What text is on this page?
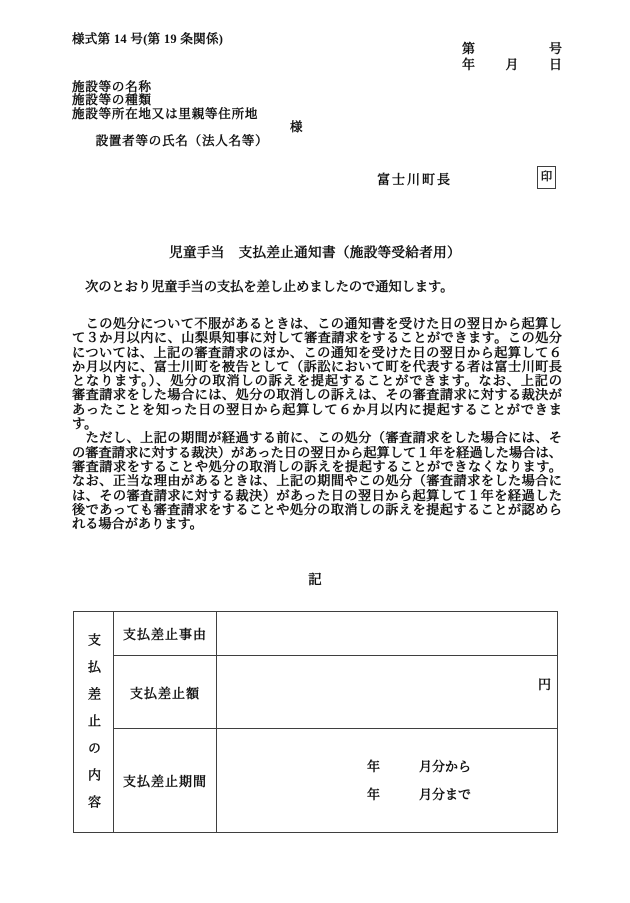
様式第 14 号(第 19 条関係)
第	号
年 月 日
施設等の名称
施設等の種類
施設等所在地又は里親等住所地

設置者等の氏名（法人名等）

様

富士川町長	印
児童手当　支払差止通知書（施設等受給者用）
　次のとおり児童手当の支払を差し止めましたので通知します。
　この処分について不服があるときは、この通知書を受けた日の翌日から起算し
て３か月以内に、山梨県知事に対して審査請求をすることができます。この処分
については、上記の審査請求のほか、この通知を受けた日の翌日から起算して６
か月以内に、富士川町を被告として（訴訟において町を代表する者は富士川町長
となります。）、処分の取消しの訴えを提起することができます。なお、上記の
審査請求をした場合には、処分の取消しの訴えは、その審査請求に対する裁決が
あったことを知った日の翌日から起算して６か月以内に提起することができま
す。
　ただし、上記の期間が経過する前に、この処分（審査請求をした場合には、そ
の審査請求に対する裁決）があった日の翌日から起算して１年を経過した場合は、
審査請求をすることや処分の取消しの訴えを提起することができなくなります。
なお、正当な理由があるときは、上記の期間やこの処分（審査請求をした場合に
は、その審査請求に対する裁決）があった日の翌日から起算して１年を経過した
後であっても審査請求をすることや処分の取消しの訴えを提起することが認めら
れる場合があります。
記
支払差止の内容	支払差止事由	
	支払差止額	円
	支払差止期間	年　　　月分から
年　　　月分まで
